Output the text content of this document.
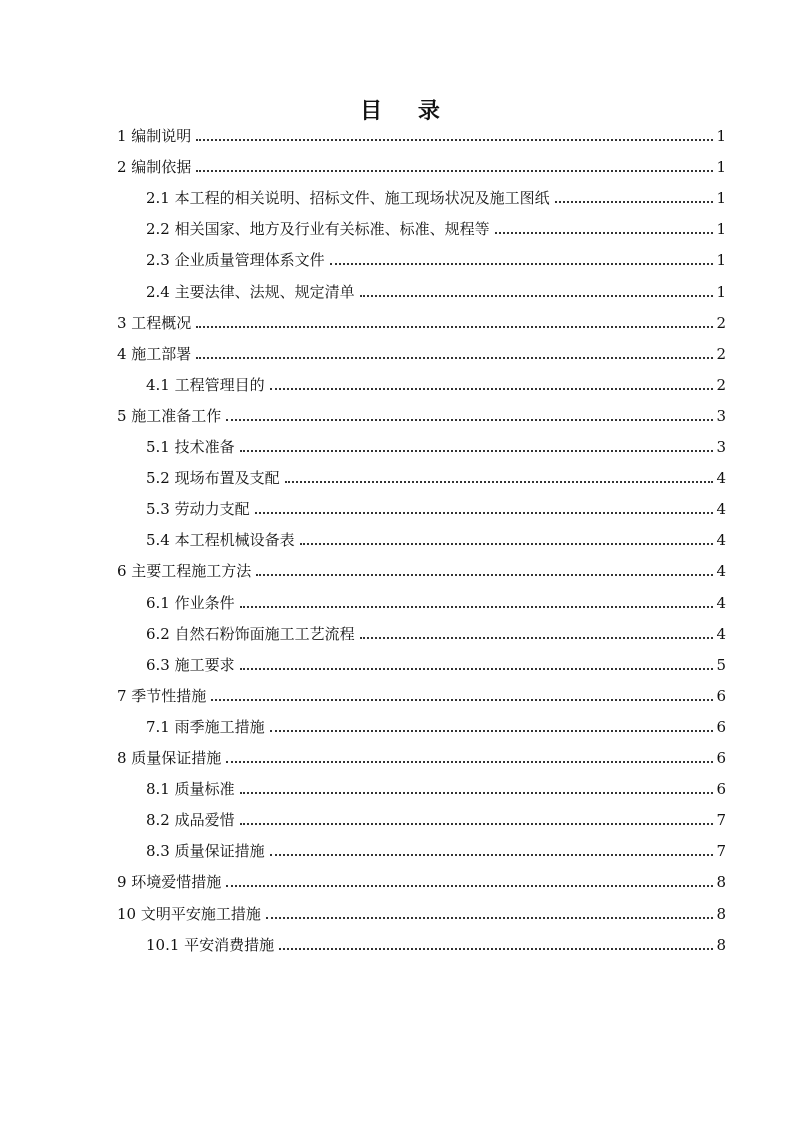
目 录
1 编制说明	1
2 编制依据	1
2.1 本工程的相关说明、招标文件、施工现场状况及施工图纸	1
2.2 相关国家、地方及行业有关标准、标准、规程等	1
2.3 企业质量管理体系文件	1
2.4 主要法律、法规、规定清单	1
3 工程概况	2
4 施工部署	2
4.1 工程管理目的	2
5 施工准备工作	3
5.1 技术准备	3
5.2 现场布置及支配	4
5.3 劳动力支配	4
5.4 本工程机械设备表	4
6 主要工程施工方法	4
6.1 作业条件	4
6.2 自然石粉饰面施工工艺流程	4
6.3 施工要求	5
7 季节性措施	6
7.1 雨季施工措施	6
8 质量保证措施	6
8.1 质量标准	6
8.2 成品爱惜	7
8.3 质量保证措施	7
9 环境爱惜措施	8
10 文明平安施工措施	8
10.1 平安消费措施	8
